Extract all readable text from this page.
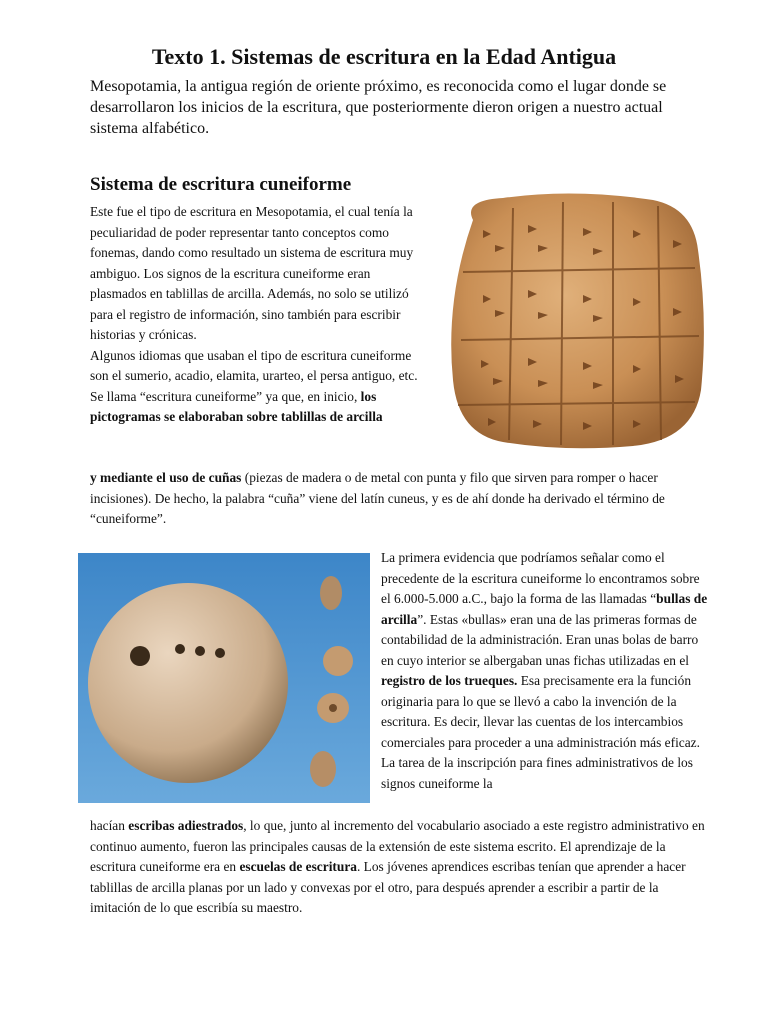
Texto 1. Sistemas de escritura en la Edad Antigua

Mesopotamia, la antigua región de oriente próximo, es reconocida como el lugar donde se desarrollaron los inicios de la escritura, que posteriormente dieron origen a nuestro actual sistema alfabético.

Sistema de escritura cuneiforme

Este fue el tipo de escritura en Mesopotamia, el cual tenía la peculiaridad de poder representar tanto conceptos como fonemas, dando como resultado un sistema de escritura muy ambiguo. Los signos de la escritura cuneiforme eran plasmados en tablillas de arcilla. Además, no solo se utilizó para el registro de información, sino también para escribir historias y crónicas.

Algunos idiomas que usaban el tipo de escritura cuneiforme son el sumerio, acadio, elamita, urarteo, el persa antiguo, etc.

Se llama “escritura cuneiforme” ya que, en inicio, los pictogramas se elaboraban sobre tablillas de arcilla

y mediante el uso de cuñas (piezas de madera o de metal con punta y filo que sirven para romper o hacer incisiones). De hecho, la palabra “cuña” viene del latín cuneus, y es de ahí donde ha derivado el término de “cuneiforme”.

La primera evidencia que podríamos señalar como el precedente de la escritura cuneiforme lo encontramos sobre el 6.000-5.000 a.C., bajo la forma de las llamadas “bullas de arcilla”. Estas «bullas» eran una de las primeras formas de contabilidad de la administración. Eran unas bolas de barro en cuyo interior se albergaban unas fichas utilizadas en el registro de los trueques. Esa precisamente era la función originaria para lo que se llevó a cabo la invención de la escritura. Es decir, llevar las cuentas de los intercambios comerciales para proceder a una administración más eficaz. La tarea de la inscripción para fines administrativos de los signos cuneiforme la

hacían escribas adiestrados, lo que, junto al incremento del vocabulario asociado a este registro administrativo en continuo aumento, fueron las principales causas de la extensión de este sistema escrito. El aprendizaje de la escritura cuneiforme era en escuelas de escritura. Los jóvenes aprendices escribas tenían que aprender a hacer tablillas de arcilla planas por un lado y convexas por el otro, para después aprender a escribir a partir de la imitación de lo que escribía su maestro.
